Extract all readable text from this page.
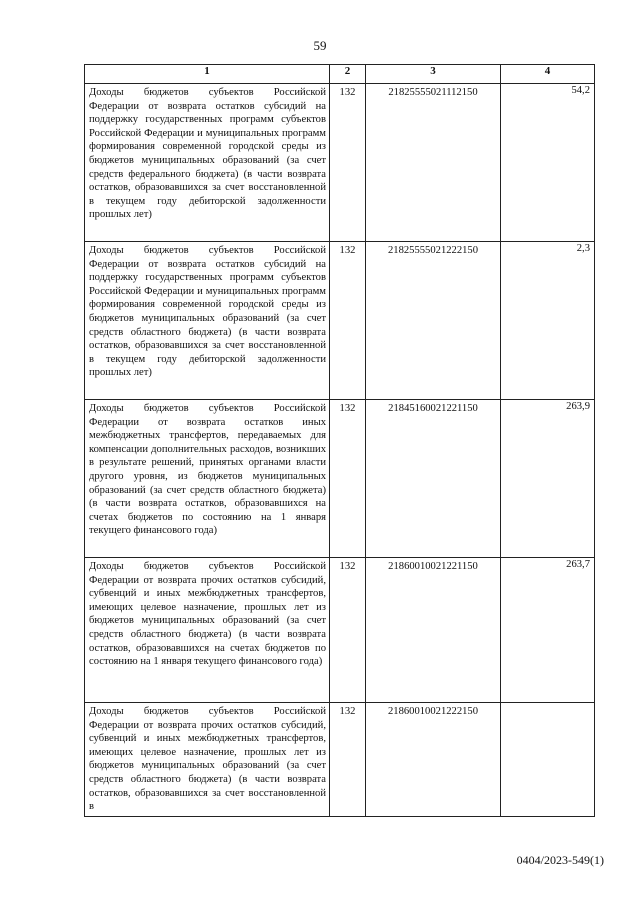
59
1	2	3	4
Доходы бюджетов субъектов Российской Федерации от возврата остатков субсидий на поддержку государственных программ субъектов Российской Федерации и муниципальных программ формирования современной городской среды из бюджетов муниципальных образований (за счет средств федерального бюджета) (в части возврата остатков, образовавшихся за счет восстановленной в текущем году дебиторской задолженности прошлых лет)	132	21825555021112150	54,2
Доходы бюджетов субъектов Российской Федерации от возврата остатков субсидий на поддержку государственных программ субъектов Российской Федерации и муниципальных программ формирования современной городской среды из бюджетов муниципальных образований (за счет средств областного бюджета) (в части возврата остатков, образовавшихся за счет восстановленной в текущем году дебиторской задолженности прошлых лет)	132	21825555021222150	2,3
Доходы бюджетов субъектов Российской Федерации от возврата остатков иных межбюджетных трансфертов, передаваемых для компенсации дополнительных расходов, возникших в результате решений, принятых органами власти другого уровня, из бюджетов муниципальных образований (за счет средств областного бюджета) (в части возврата остатков, образовавшихся на счетах бюджетов по состоянию на 1 января текущего финансового года)	132	21845160021221150	263,9
Доходы бюджетов субъектов Российской Федерации от возврата прочих остатков субсидий, субвенций и иных межбюджетных трансфертов, имеющих целевое назначение, прошлых лет из бюджетов муниципальных образований (за счет средств областного бюджета) (в части возврата остатков, образовавшихся на счетах бюджетов по состоянию на 1 января текущего финансового года)	132	21860010021221150	263,7
Доходы бюджетов субъектов Российской Федерации от возврата прочих остатков субсидий, субвенций и иных межбюджетных трансфертов, имеющих целевое назначение, прошлых лет из бюджетов муниципальных образований (за счет средств областного бюджета) (в части возврата остатков, образовавшихся за счет восстановленной в	132	21860010021222150	
0404/2023-549(1)
